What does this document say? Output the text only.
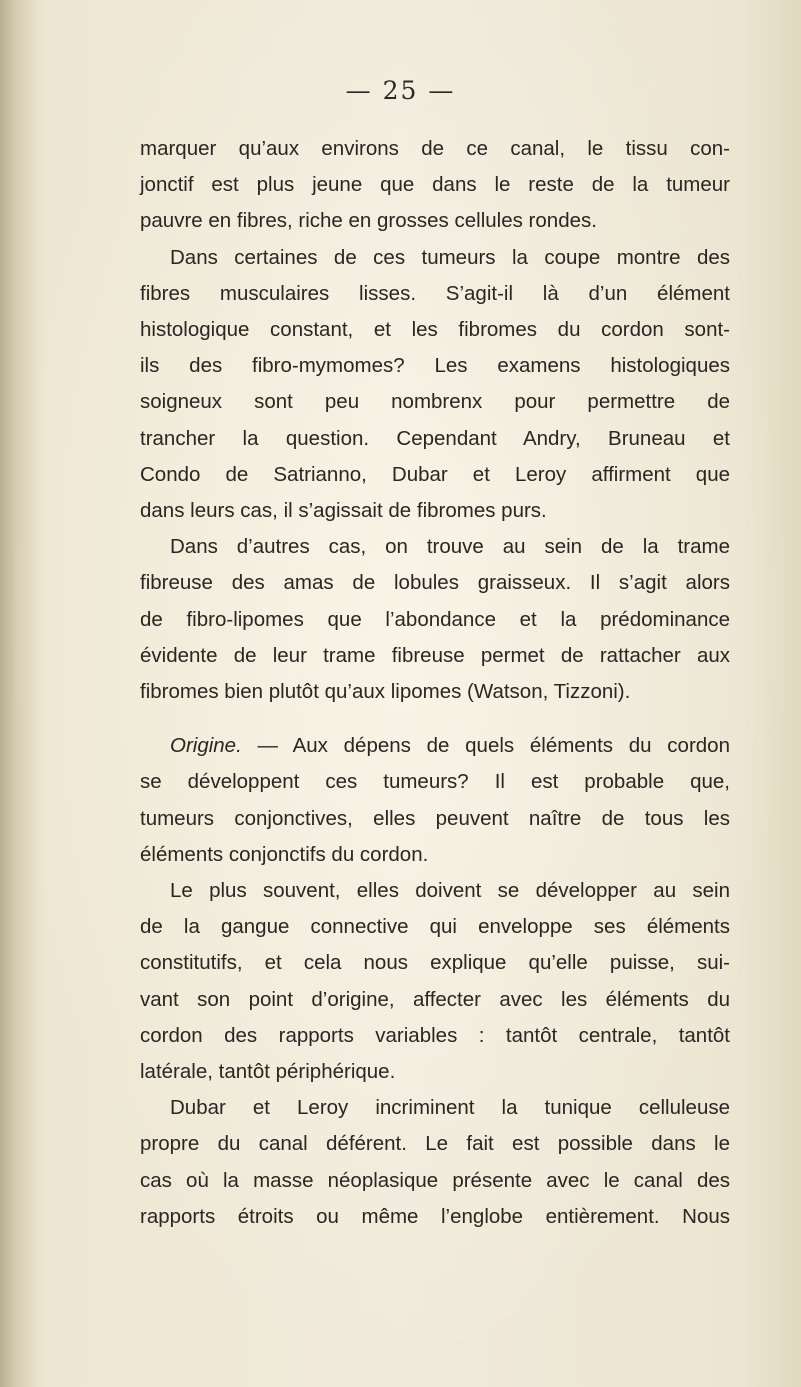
— 25 —

marquer qu’aux environs de ce canal, le tissu con-
jonctif est plus jeune que dans le reste de la tumeur
pauvre en fibres, riche en grosses cellules rondes.

Dans certaines de ces tumeurs la coupe montre des
fibres musculaires lisses. S’agit-il là d’un élément
histologique constant, et les fibromes du cordon sont-
ils des fibro-mymomes? Les examens histologiques
soigneux sont peu nombrenx pour permettre de
trancher la question. Cependant Andry, Bruneau et
Condo de Satrianno, Dubar et Leroy affirment que
dans leurs cas, il s’agissait de fibromes purs.

Dans d’autres cas, on trouve au sein de la trame
fibreuse des amas de lobules graisseux. Il s’agit alors
de fibro-lipomes que l’abondance et la prédominance
évidente de leur trame fibreuse permet de rattacher aux
fibromes bien plutôt qu’aux lipomes (Watson, Tizzoni).

Origine. — Aux dépens de quels éléments du cordon
se développent ces tumeurs? Il est probable que,
tumeurs conjonctives, elles peuvent naître de tous les
éléments conjonctifs du cordon.

Le plus souvent, elles doivent se développer au sein
de la gangue connective qui enveloppe ses éléments
constitutifs, et cela nous explique qu’elle puisse, sui-
vant son point d’origine, affecter avec les éléments du
cordon des rapports variables : tantôt centrale, tantôt
latérale, tantôt périphérique.

Dubar et Leroy incriminent la tunique celluleuse
propre du canal déférent. Le fait est possible dans le
cas où la masse néoplasique présente avec le canal des
rapports étroits ou même l’englobe entièrement. Nous
